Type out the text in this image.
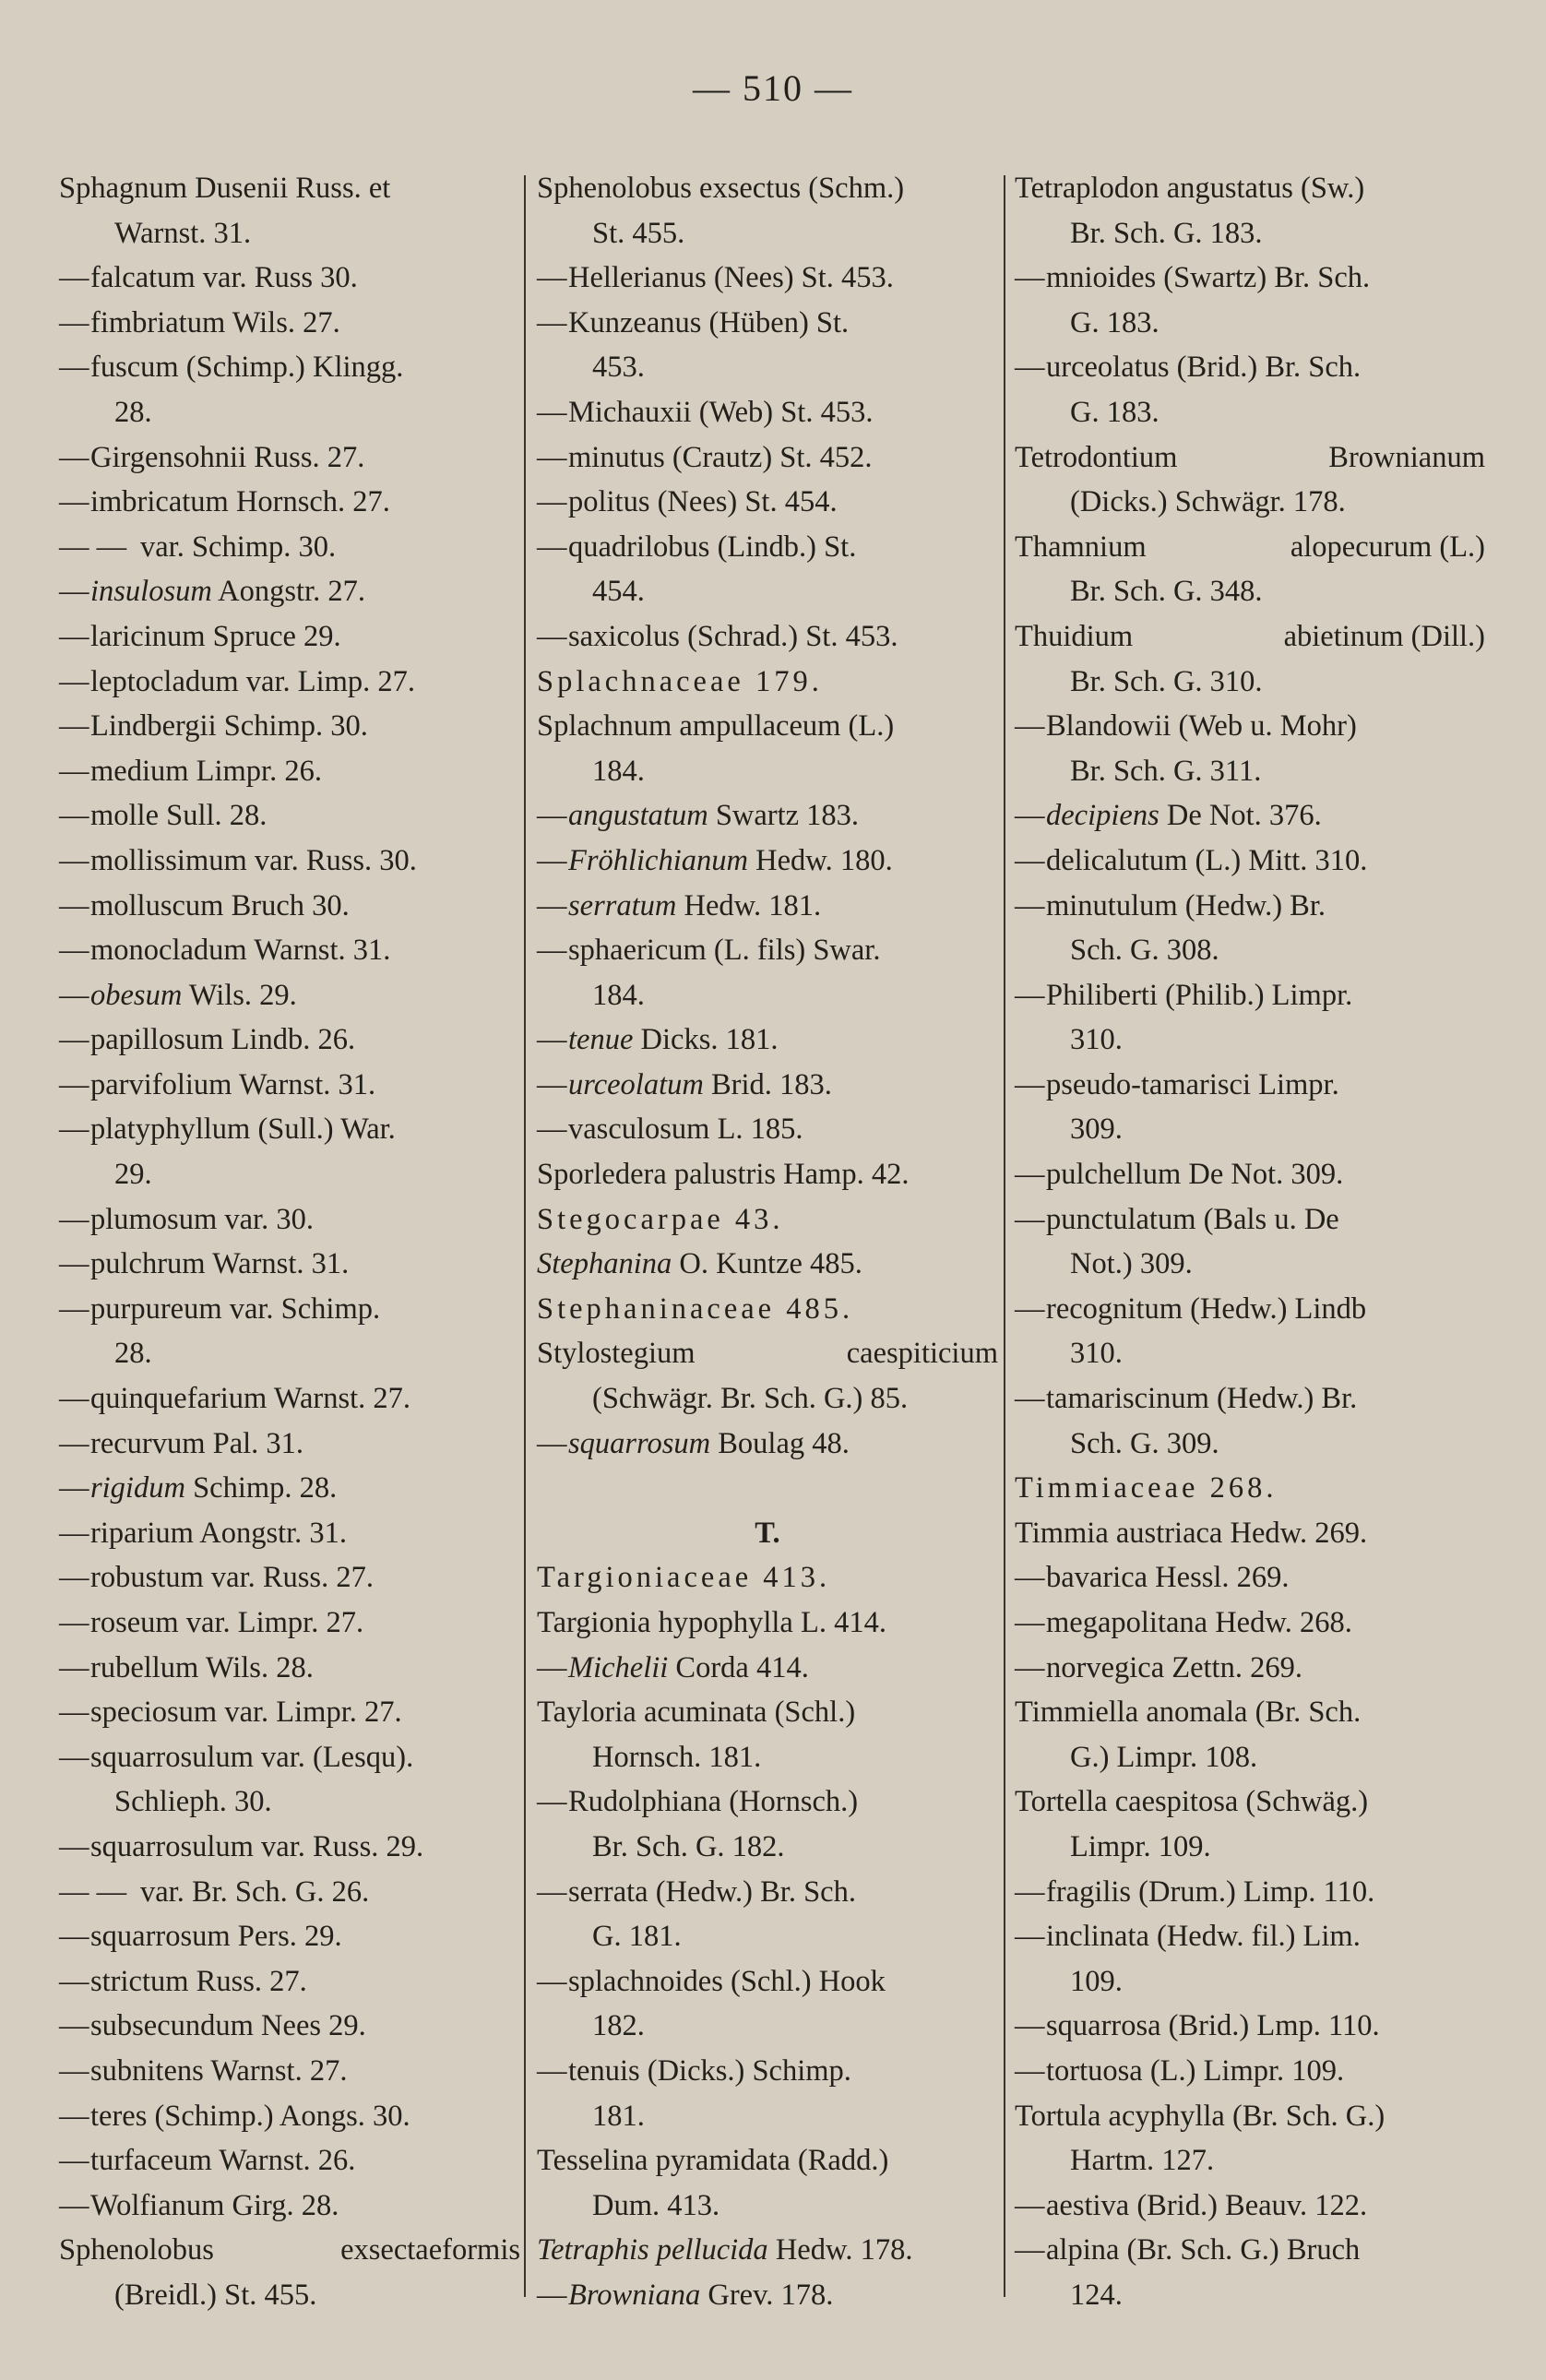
— 510 —
Sphagnum Dusenii Russ. et
Warnst. 31.
—falcatum var. Russ 30.
—fimbriatum Wils. 27.
—fuscum (Schimp.) Klingg.
28.
—Girgensohnii Russ. 27.
—imbricatum Hornsch. 27.
— — var. Schimp. 30.
—insulosum Aongstr. 27.
—laricinum Spruce 29.
—leptocladum var. Limp. 27.
—Lindbergii Schimp. 30.
—medium Limpr. 26.
—molle Sull. 28.
—mollissimum var. Russ. 30.
—molluscum Bruch 30.
—monocladum Warnst. 31.
—obesum Wils. 29.
—papillosum Lindb. 26.
—parvifolium Warnst. 31.
—platyphyllum (Sull.) War.
29.
—plumosum var. 30.
—pulchrum Warnst. 31.
—purpureum var. Schimp.
28.
—quinquefarium Warnst. 27.
—recurvum Pal. 31.
—rigidum Schimp. 28.
—riparium Aongstr. 31.
—robustum var. Russ. 27.
—roseum var. Limpr. 27.
—rubellum Wils. 28.
—speciosum var. Limpr. 27.
—squarrosulum var. (Lesqu).
Schlieph. 30.
—squarrosulum var. Russ. 29.
— — var. Br. Sch. G. 26.
—squarrosum Pers. 29.
—strictum Russ. 27.
—subsecundum Nees 29.
—subnitens Warnst. 27.
—teres (Schimp.) Aongs. 30.
—turfaceum Warnst. 26.
—Wolfianum Girg. 28.
Sphenolobus	exsectaeformis
(Breidl.) St. 455.
Sphenolobus exsectus (Schm.)
St. 455.
—Hellerianus (Nees) St. 453.
—Kunzeanus (Hüben) St.
453.
—Michauxii (Web) St. 453.
—minutus (Crautz) St. 452.
—politus (Nees) St. 454.
—quadrilobus (Lindb.) St.
454.
—saxicolus (Schrad.) St. 453.
Splachnaceae 179.
Splachnum ampullaceum (L.)
184.
—angustatum Swartz 183.
—Fröhlichianum Hedw. 180.
—serratum Hedw. 181.
—sphaericum (L. fils) Swar.
184.
—tenue Dicks. 181.
—urceolatum Brid. 183.
—vasculosum L. 185.
Sporledera palustris Hamp. 42.
Stegocarpae 43.
Stephanina O. Kuntze 485.
Stephaninaceae 485.
Stylostegium	caespiticium
(Schwägr. Br. Sch. G.) 85.
—squarrosum Boulag 48.
T.
Targioniaceae 413.
Targionia hypophylla L. 414.
—Michelii Corda 414.
Tayloria acuminata (Schl.)
Hornsch. 181.
—Rudolphiana (Hornsch.)
Br. Sch. G. 182.
—serrata (Hedw.) Br. Sch.
G. 181.
—splachnoides (Schl.) Hook
182.
—tenuis (Dicks.) Schimp.
181.
Tesselina pyramidata (Radd.)
Dum. 413.
Tetraphis pellucida Hedw. 178.
—Browniana Grev. 178.
Tetraplodon angustatus (Sw.)
Br. Sch. G. 183.
—mnioides (Swartz) Br. Sch.
G. 183.
—urceolatus (Brid.) Br. Sch.
G. 183.
Tetrodontium	Brownianum
(Dicks.) Schwägr. 178.
Thamnium	alopecurum (L.)
Br. Sch. G. 348.
Thuidium	abietinum (Dill.)
Br. Sch. G. 310.
—Blandowii (Web u. Mohr)
Br. Sch. G. 311.
—decipiens De Not. 376.
—delicalutum (L.) Mitt. 310.
—minutulum (Hedw.) Br.
Sch. G. 308.
—Philiberti (Philib.) Limpr.
310.
—pseudo-tamarisci Limpr.
309.
—pulchellum De Not. 309.
—punctulatum (Bals u. De
Not.) 309.
—recognitum (Hedw.) Lindb
310.
—tamariscinum (Hedw.) Br.
Sch. G. 309.
Timmiaceae 268.
Timmia austriaca Hedw. 269.
—bavarica Hessl. 269.
—megapolitana Hedw. 268.
—norvegica Zettn. 269.
Timmiella anomala (Br. Sch.
G.) Limpr. 108.
Tortella caespitosa (Schwäg.)
Limpr. 109.
—fragilis (Drum.) Limp. 110.
—inclinata (Hedw. fil.) Lim.
109.
—squarrosa (Brid.) Lmp. 110.
—tortuosa (L.) Limpr. 109.
Tortula acyphylla (Br. Sch. G.)
Hartm. 127.
—aestiva (Brid.) Beauv. 122.
—alpina (Br. Sch. G.) Bruch
124.
